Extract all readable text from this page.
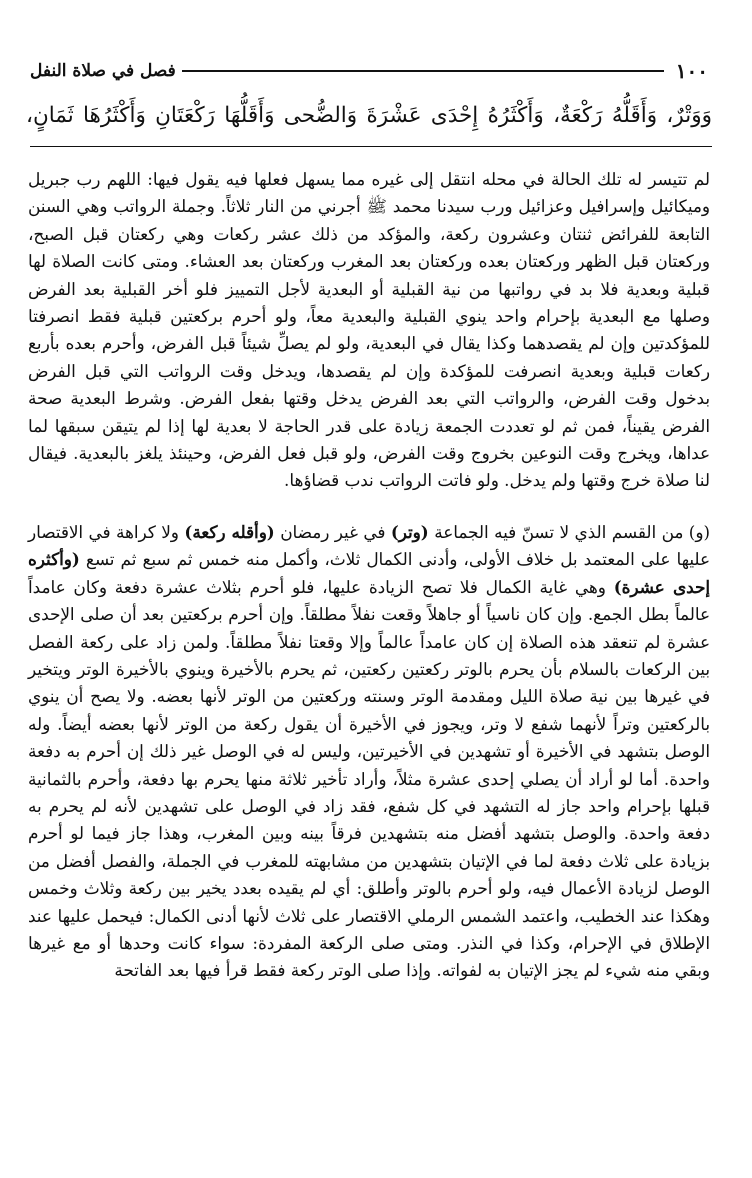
١٠٠
فصل في صلاة النفل
وَوَتْرٌ، وَأَقَلُّهُ رَكْعَةٌ، وَأَكْثَرُهُ إِحْدَى عَشْرَةَ وَالضُّحى وَأَقَلُّهَا رَكْعَتَانِ وَأَكْثَرُهَا ثَمَانٍ،

لم تتيسر له تلك الحالة في محله انتقل إلى غيره مما يسهل فعلها فيه يقول فيها: اللهم رب جبريل وميكائيل وإسرافيل وعزائيل ورب سيدنا محمد ﷺ أجرني من النار ثلاثاً. وجملة الرواتب وهي السنن التابعة للفرائض ثنتان وعشرون ركعة، والمؤكد من ذلك عشر ركعات وهي ركعتان قبل الصبح، وركعتان قبل الظهر وركعتان بعده وركعتان بعد المغرب وركعتان بعد العشاء. ومتى كانت الصلاة لها قبلية وبعدية فلا بد في رواتبها من نية القبلية أو البعدية لأجل التمييز فلو أخر القبلية بعد الفرض وصلها مع البعدية بإحرام واحد ينوي القبلية والبعدية معاً، ولو أحرم بركعتين قبلية فقط انصرفتا للمؤكدتين وإن لم يقصدهما وكذا يقال في البعدية، ولو لم يصلِّ شيئاً قبل الفرض، وأحرم بعده بأربع ركعات قبلية وبعدية انصرفت للمؤكدة وإن لم يقصدها، ويدخل وقت الرواتب التي قبل الفرض بدخول وقت الفرض، والرواتب التي بعد الفرض يدخل وقتها بفعل الفرض. وشرط البعدية صحة الفرض يقيناً، فمن ثم لو تعددت الجمعة زيادة على قدر الحاجة لا بعدية لها إذا لم يتيقن سبقها لما عداها، ويخرج وقت النوعين بخروج وقت الفرض، ولو قبل فعل الفرض، وحينئذ يلغز بالبعدية. فيقال لنا صلاة خرج وقتها ولم يدخل. ولو فاتت الرواتب ندب قضاؤها.

(و) من القسم الذي لا تسنّ فيه الجماعة (وتر) في غير رمضان (وأقله ركعة) ولا كراهة في الاقتصار عليها على المعتمد بل خلاف الأولى، وأدنى الكمال ثلاث، وأكمل منه خمس ثم سبع ثم تسع (وأكثره إحدى عشرة) وهي غاية الكمال فلا تصح الزيادة عليها، فلو أحرم بثلاث عشرة دفعة وكان عامداً عالماً بطل الجمع. وإن كان ناسياً أو جاهلاً وقعت نفلاً مطلقاً. وإن أحرم بركعتين بعد أن صلى الإحدى عشرة لم تنعقد هذه الصلاة إن كان عامداً عالماً وإلا وقعتا نفلاً مطلقاً. ولمن زاد على ركعة الفصل بين الركعات بالسلام بأن يحرم بالوتر ركعتين ركعتين، ثم يحرم بالأخيرة وينوي بالأخيرة الوتر ويتخير في غيرها بين نية صلاة الليل ومقدمة الوتر وسنته وركعتين من الوتر لأنها بعضه. ولا يصح أن ينوي بالركعتين وتراً لأنهما شفع لا وتر، ويجوز في الأخيرة أن يقول ركعة من الوتر لأنها بعضه أيضاً. وله الوصل بتشهد في الأخيرة أو تشهدين في الأخيرتين، وليس له في الوصل غير ذلك إن أحرم به دفعة واحدة. أما لو أراد أن يصلي إحدى عشرة مثلاً، وأراد تأخير ثلاثة منها يحرم بها دفعة، وأحرم بالثمانية قبلها بإحرام واحد جاز له التشهد في كل شفع، فقد زاد في الوصل على تشهدين لأنه لم يحرم به دفعة واحدة. والوصل بتشهد أفضل منه بتشهدين فرقاً بينه وبين المغرب، وهذا جاز فيما لو أحرم بزيادة على ثلاث دفعة لما في الإتيان بتشهدين من مشابهته للمغرب في الجملة، والفصل أفضل من الوصل لزيادة الأعمال فيه، ولو أحرم بالوتر وأطلق: أي لم يقيده بعدد يخير بين ركعة وثلاث وخمس وهكذا عند الخطيب، واعتمد الشمس الرملي الاقتصار على ثلاث لأنها أدنى الكمال: فيحمل عليها عند الإطلاق في الإحرام، وكذا في النذر. ومتى صلى الركعة المفردة: سواء كانت وحدها أو مع غيرها وبقي منه شيء لم يجز الإتيان به لفواته. وإذا صلى الوتر ركعة فقط قرأ فيها بعد الفاتحة
